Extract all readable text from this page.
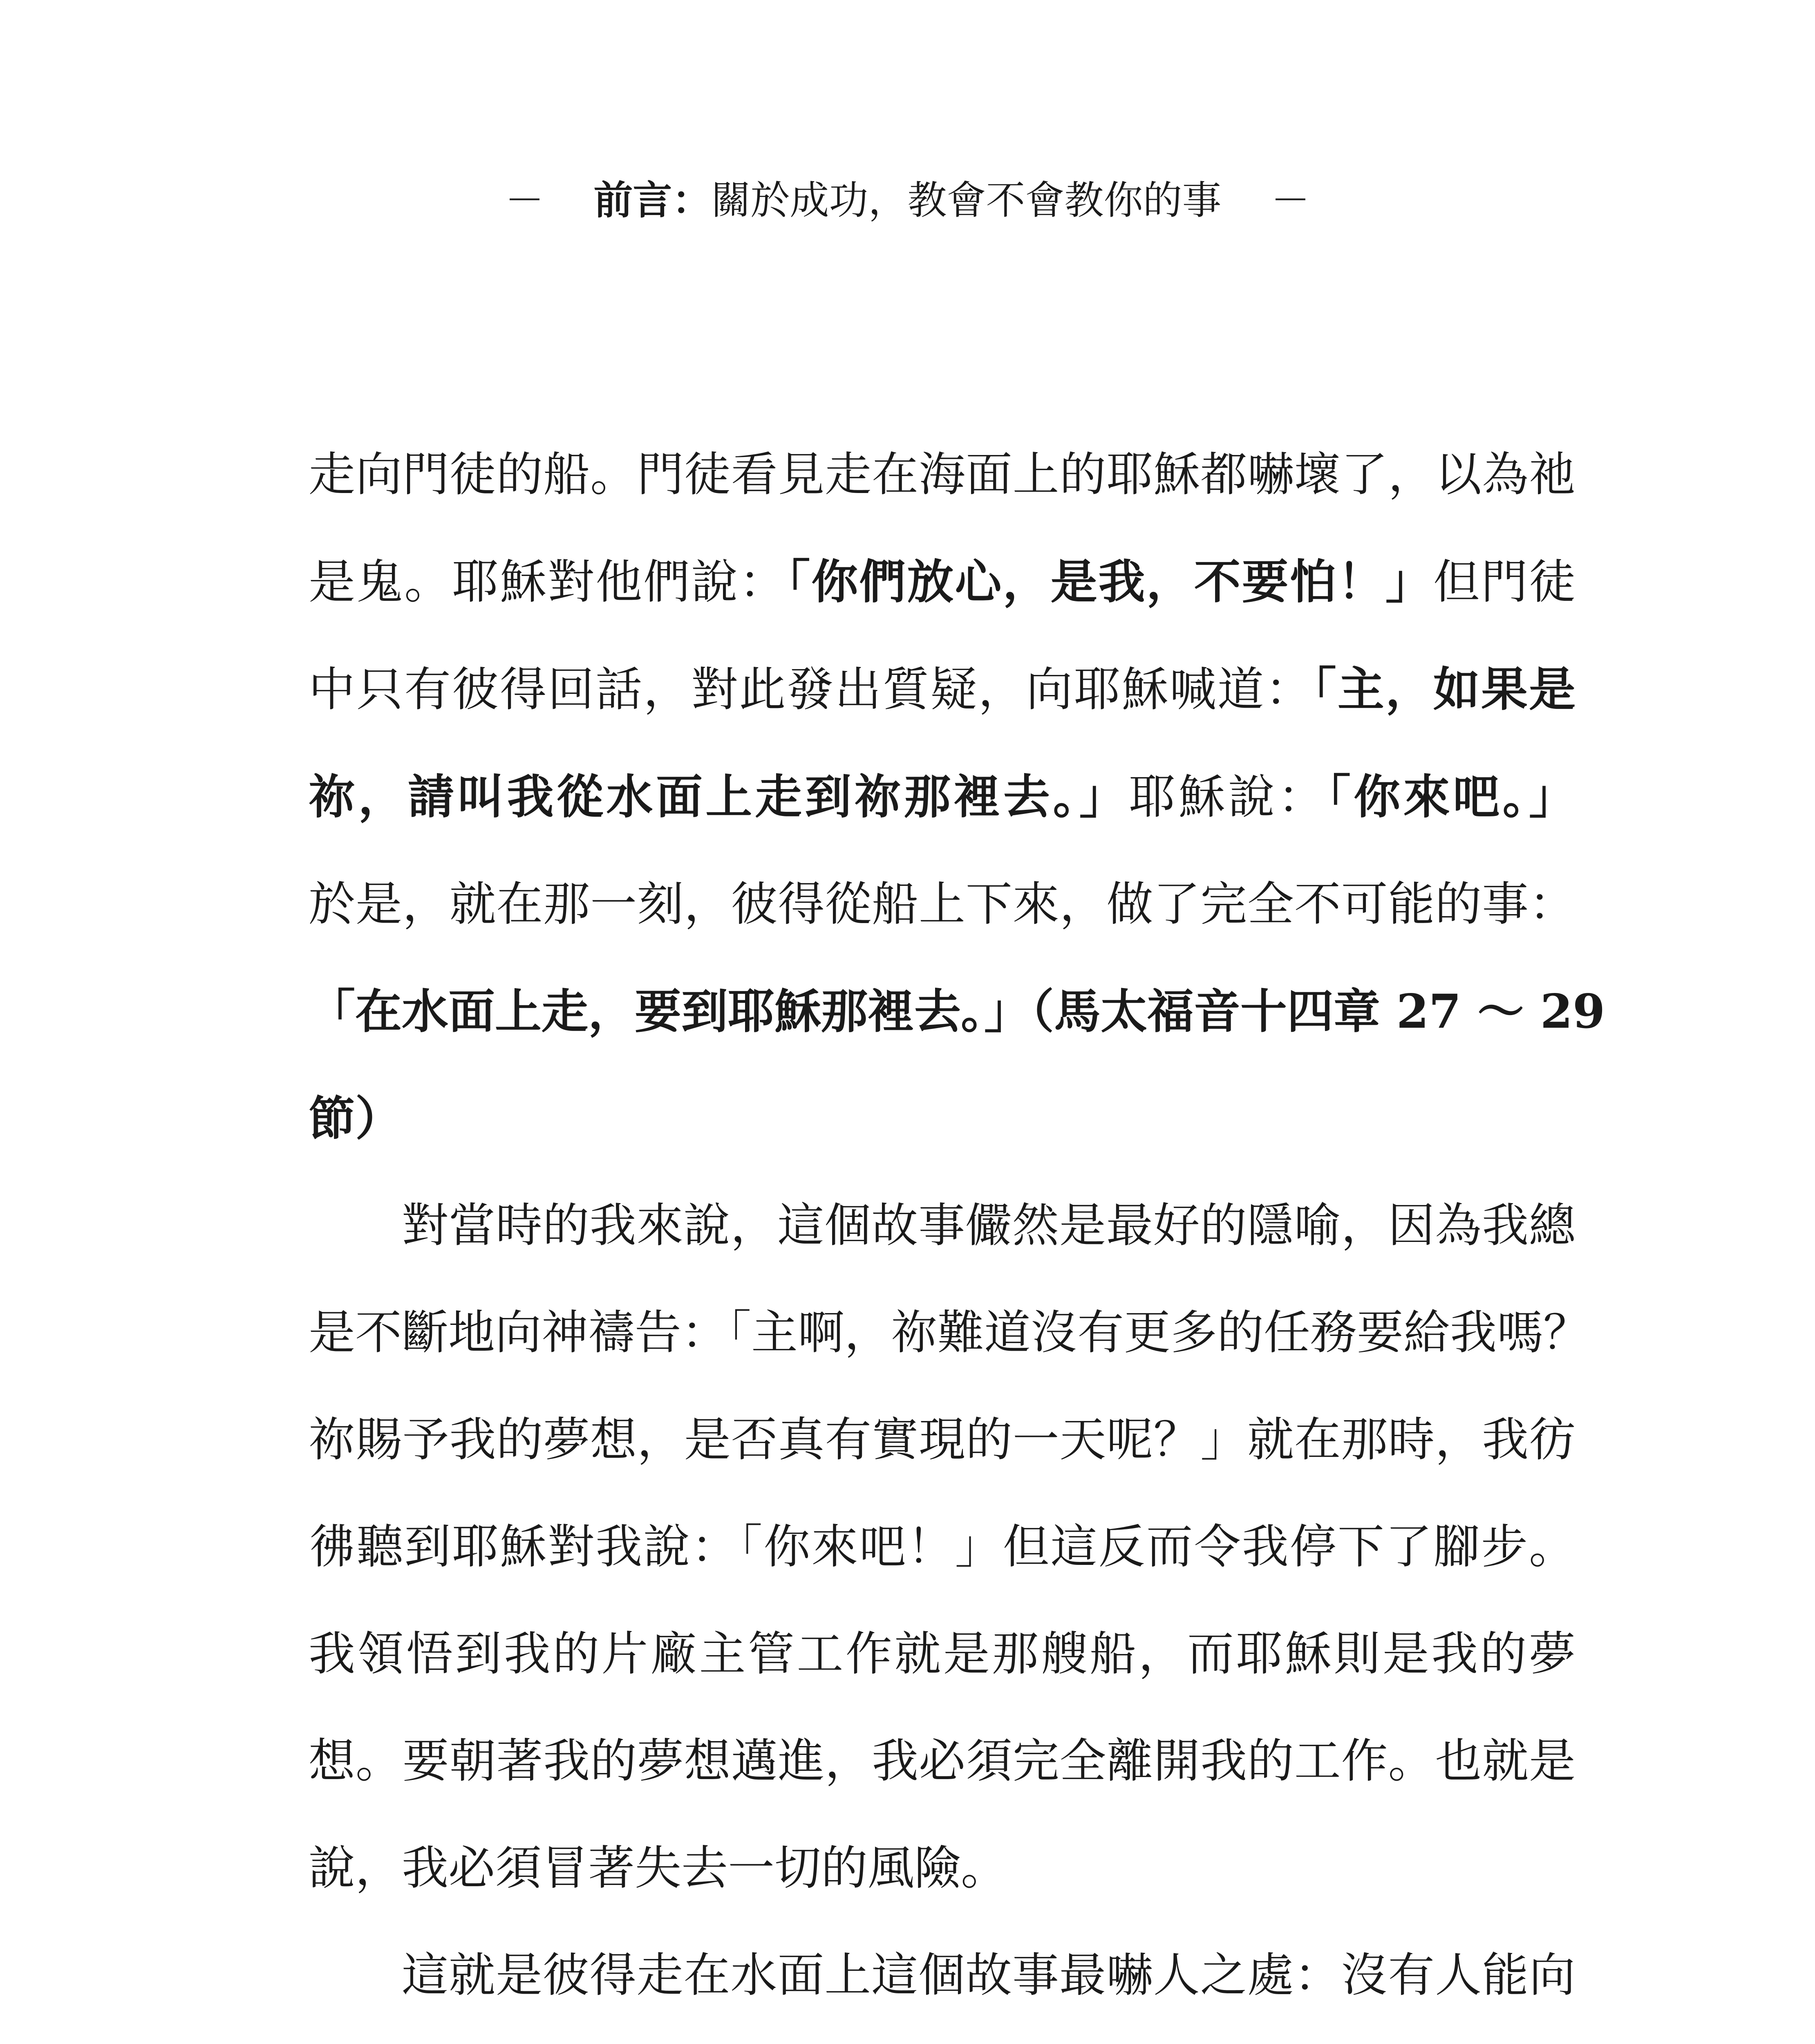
－ 前言：關於成功，教會不會教你的事 －

走向門徒的船。門徒看見走在海面上的耶穌都嚇壞了，以為祂
是鬼。耶穌對他們說：「你們放心，是我，不要怕！」但門徒
中只有彼得回話，對此發出質疑，向耶穌喊道：「主，如果是
祢，請叫我從水面上走到祢那裡去。」耶穌說：「你來吧。」
於是，就在那一刻，彼得從船上下來，做了完全不可能的事：
「在水面上走，要到耶穌那裡去。」（馬太福音十四章 27 ～ 29
節）

對當時的我來說，這個故事儼然是最好的隱喻，因為我總
是不斷地向神禱告：「主啊，祢難道沒有更多的任務要給我嗎？
祢賜予我的夢想，是否真有實現的一天呢？」就在那時，我彷
彿聽到耶穌對我說：「你來吧！」但這反而令我停下了腳步。
我領悟到我的片廠主管工作就是那艘船，而耶穌則是我的夢
想。要朝著我的夢想邁進，我必須完全離開我的工作。也就是
說，我必須冒著失去一切的風險。

這就是彼得走在水面上這個故事最嚇人之處：沒有人能向
